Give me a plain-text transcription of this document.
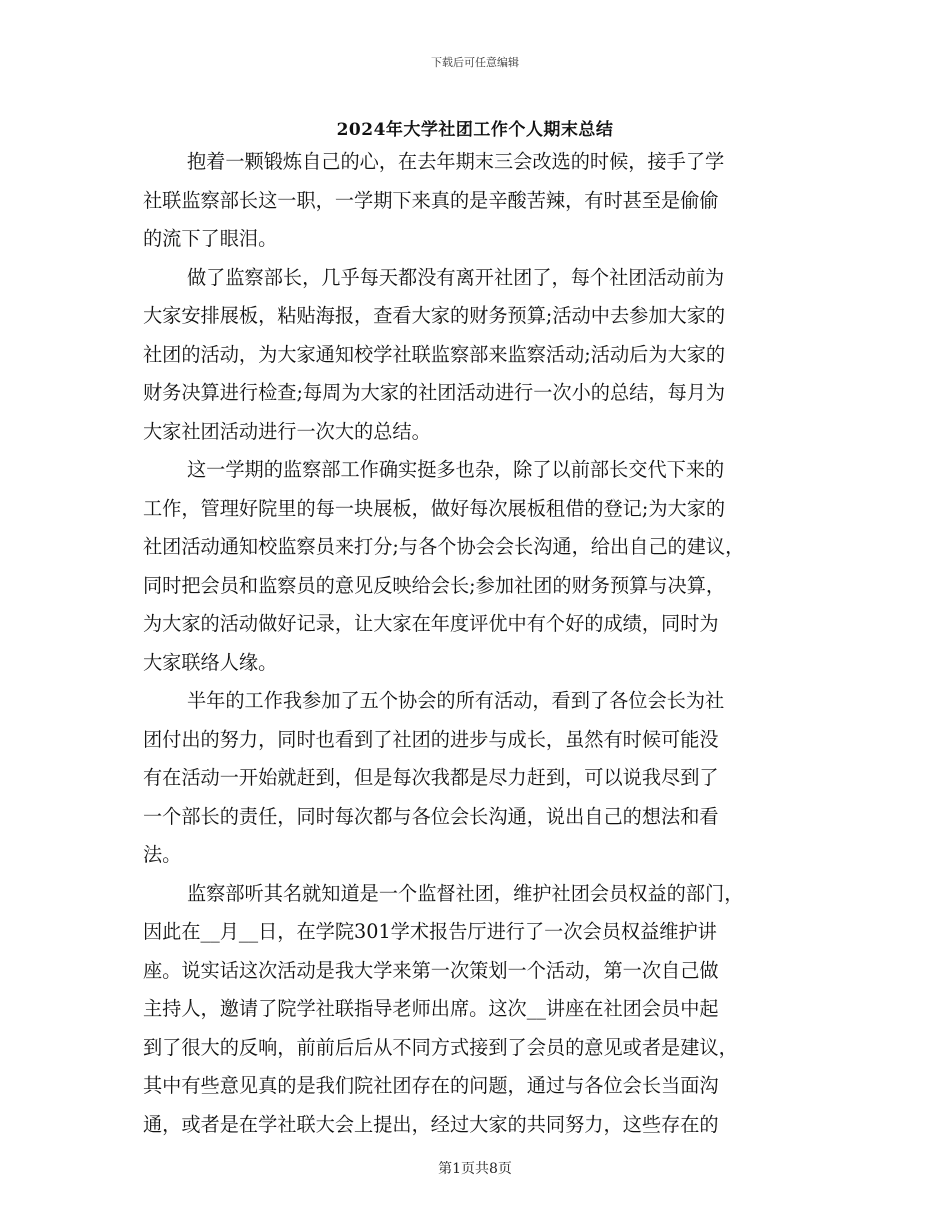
下载后可任意编辑
2024年大学社团工作个人期末总结
抱着一颗锻炼自己的心，在去年期末三会改选的时候，接手了学
社联监察部长这一职，一学期下来真的是辛酸苦辣，有时甚至是偷偷
的流下了眼泪。
做了监察部长，几乎每天都没有离开社团了，每个社团活动前为
大家安排展板，粘贴海报，查看大家的财务预算;活动中去参加大家的
社团的活动，为大家通知校学社联监察部来监察活动;活动后为大家的
财务决算进行检查;每周为大家的社团活动进行一次小的总结，每月为
大家社团活动进行一次大的总结。
这一学期的监察部工作确实挺多也杂，除了以前部长交代下来的
工作，管理好院里的每一块展板，做好每次展板租借的登记;为大家的
社团活动通知校监察员来打分;与各个协会会长沟通，给出自己的建议，
同时把会员和监察员的意见反映给会长;参加社团的财务预算与决算，
为大家的活动做好记录，让大家在年度评优中有个好的成绩，同时为
大家联络人缘。
半年的工作我参加了五个协会的所有活动，看到了各位会长为社
团付出的努力，同时也看到了社团的进步与成长，虽然有时候可能没
有在活动一开始就赶到，但是每次我都是尽力赶到，可以说我尽到了
一个部长的责任，同时每次都与各位会长沟通，说出自己的想法和看
法。
监察部听其名就知道是一个监督社团，维护社团会员权益的部门，
因此在__月__日，在学院301学术报告厅进行了一次会员权益维护讲
座。说实话这次活动是我大学来第一次策划一个活动，第一次自己做
主持人，邀请了院学社联指导老师出席。这次__讲座在社团会员中起
到了很大的反响，前前后后从不同方式接到了会员的意见或者是建议，
其中有些意见真的是我们院社团存在的问题，通过与各位会长当面沟
通，或者是在学社联大会上提出，经过大家的共同努力，这些存在的
第1页共8页
